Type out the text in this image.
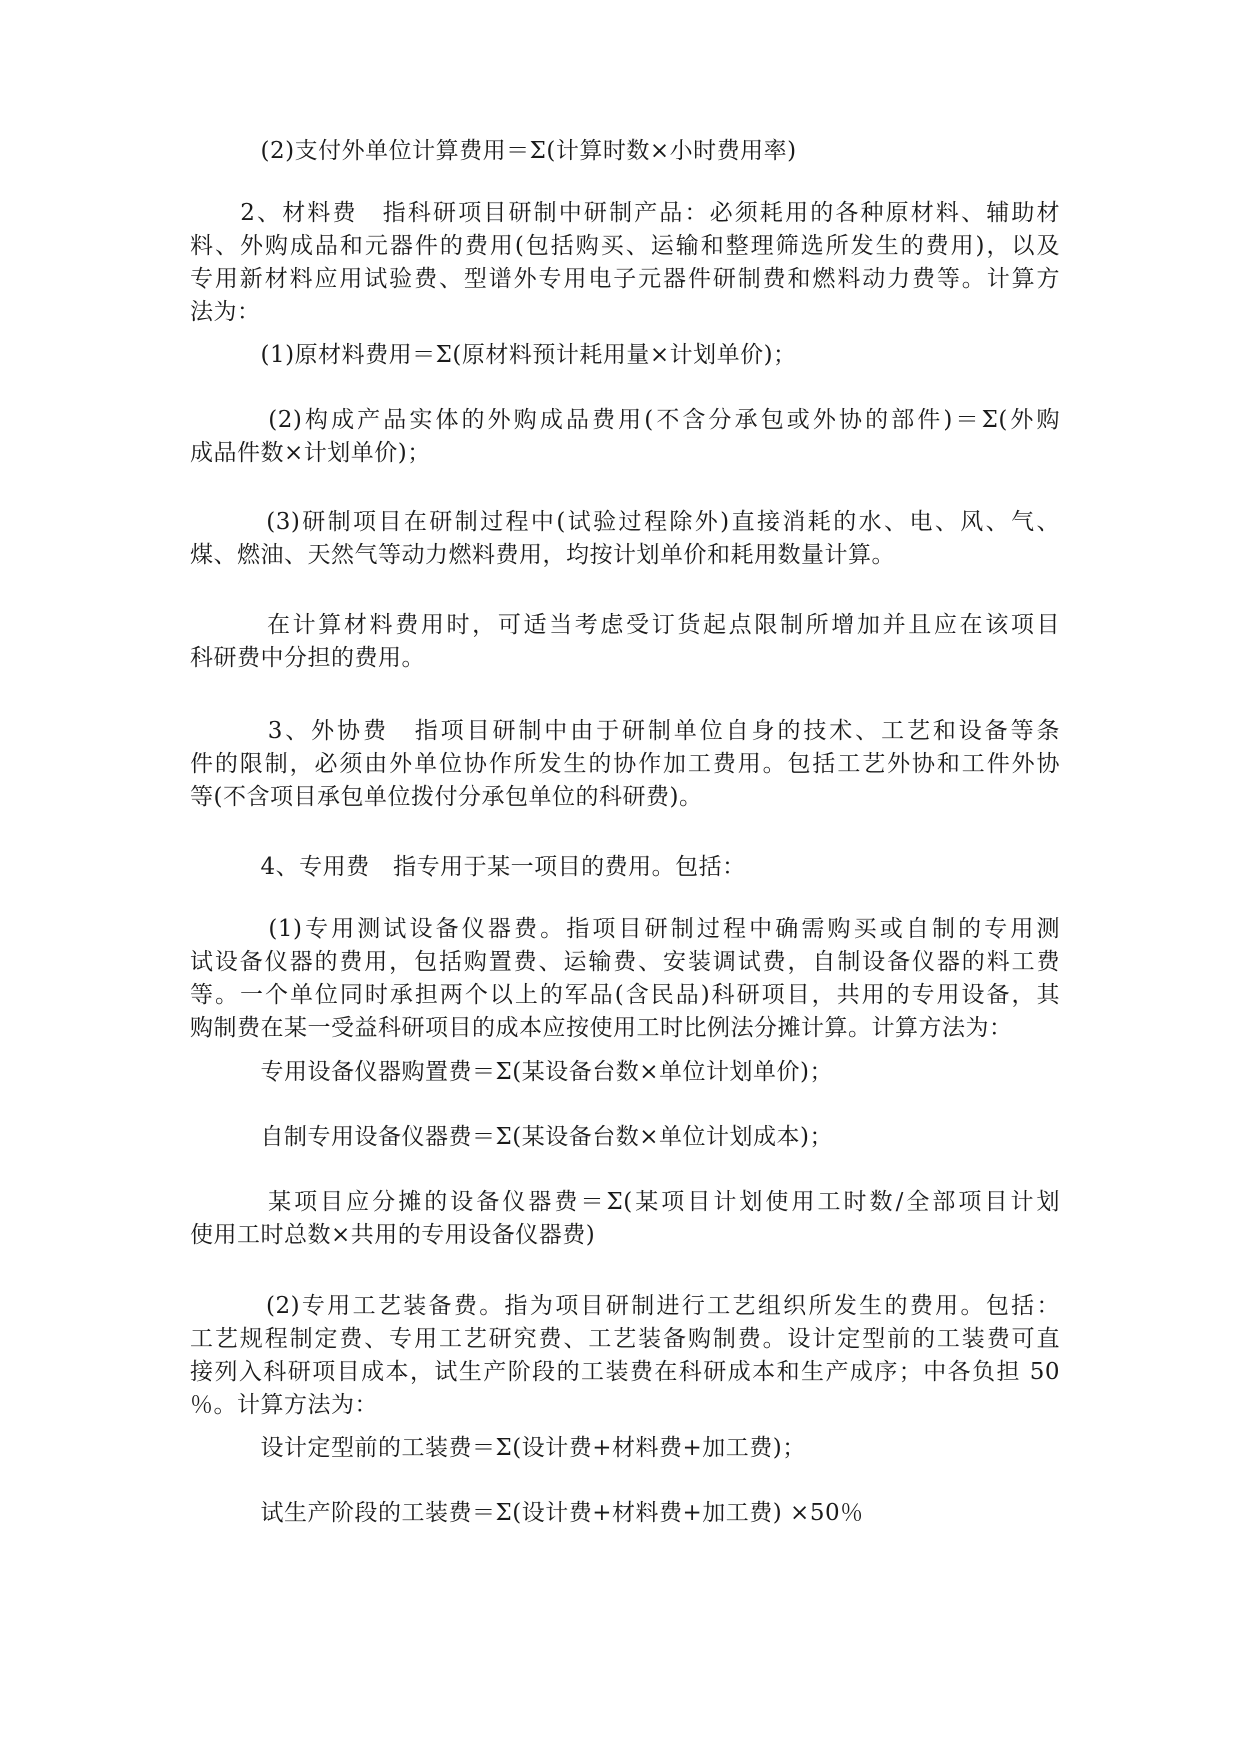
　　　(2)支付外单位计算费用＝Σ(计算时数×小时费用率)

　　2、材料费　指科研项目研制中研制产品：必须耗用的各种原材料、辅助材
料、外购成品和元器件的费用(包括购买、运输和整理筛选所发生的费用)，以及
专用新材料应用试验费、型谱外专用电子元器件研制费和燃料动力费等。计算方
法为：

　　　(1)原材料费用＝Σ(原材料预计耗用量×计划单价)；

　　　(2)构成产品实体的外购成品费用(不含分承包或外协的部件)＝Σ(外购
成品件数×计划单价)；

　　　(3)研制项目在研制过程中(试验过程除外)直接消耗的水、电、风、气、
煤、燃油、天然气等动力燃料费用，均按计划单价和耗用数量计算。

　　　在计算材料费用时，可适当考虑受订货起点限制所增加并且应在该项目
科研费中分担的费用。

　　　3、外协费　指项目研制中由于研制单位自身的技术、工艺和设备等条
件的限制，必须由外单位协作所发生的协作加工费用。包括工艺外协和工件外协
等(不含项目承包单位拨付分承包单位的科研费)。

　　　4、专用费　指专用于某一项目的费用。包括：

　　　(1)专用测试设备仪器费。指项目研制过程中确需购买或自制的专用测
试设备仪器的费用，包括购置费、运输费、安装调试费，自制设备仪器的料工费
等。一个单位同时承担两个以上的军品(含民品)科研项目，共用的专用设备，其
购制费在某一受益科研项目的成本应按使用工时比例法分摊计算。计算方法为：

　　　专用设备仪器购置费＝Σ(某设备台数×单位计划单价)；

　　　自制专用设备仪器费＝Σ(某设备台数×单位计划成本)；

　　　某项目应分摊的设备仪器费＝Σ(某项目计划使用工时数/全部项目计划
使用工时总数×共用的专用设备仪器费)

　　　(2)专用工艺装备费。指为项目研制进行工艺组织所发生的费用。包括：
工艺规程制定费、专用工艺研究费、工艺装备购制费。设计定型前的工装费可直
接列入科研项目成本，试生产阶段的工装费在科研成本和生产成序；中各负担 50
％。计算方法为：

　　　设计定型前的工装费＝Σ(设计费+材料费+加工费)；

　　　试生产阶段的工装费＝Σ(设计费+材料费+加工费) ×50％
